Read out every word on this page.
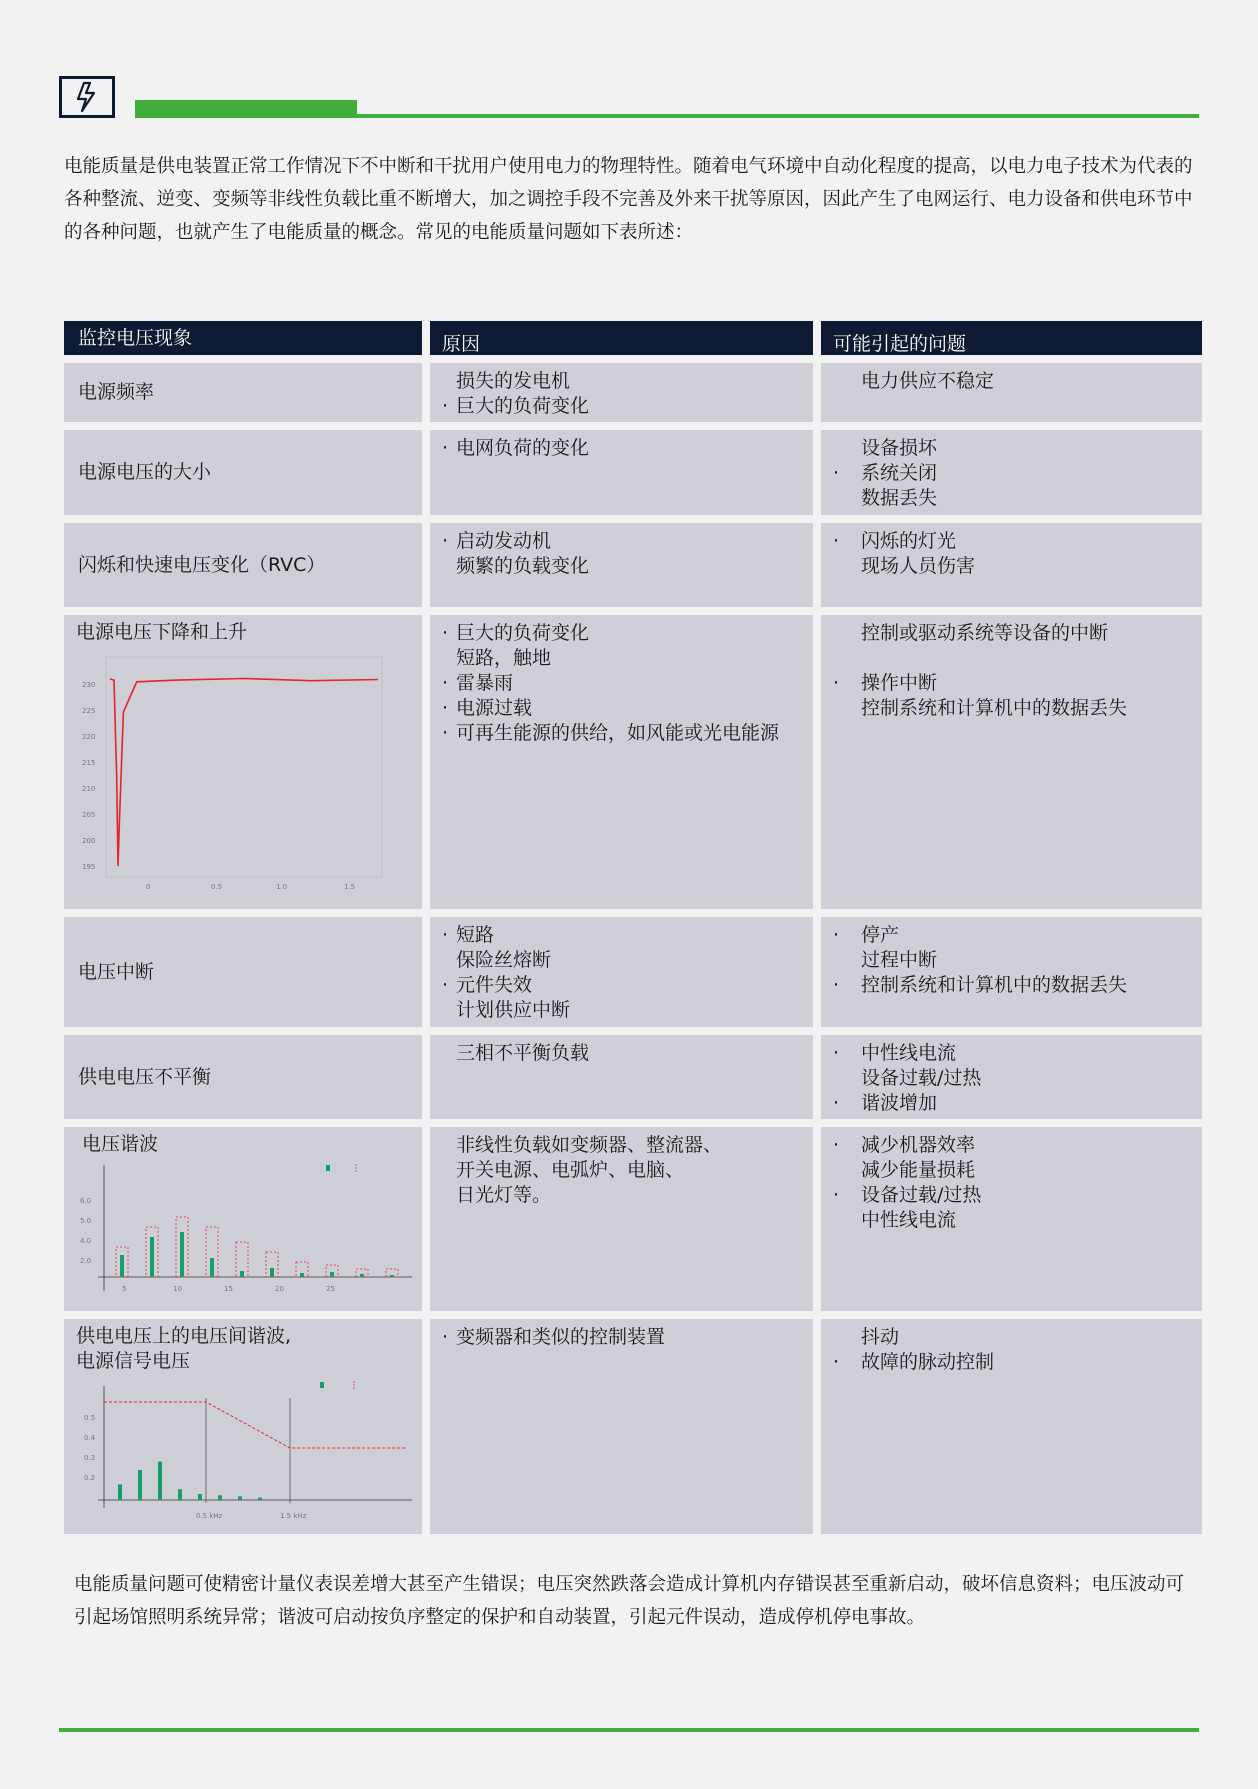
电能质量是供电装置正常工作情况下不中断和干扰用户使用电力的物理特性。随着电气环境中自动化程度的提高，以电力电子技术为代表的各种整流、逆变、变频等非线性负载比重不断增大，加之调控手段不完善及外来干扰等原因，因此产生了电网运行、电力设备和供电环节中的各种问题，也就产生了电能质量的概念。常见的电能质量问题如下表所述：

监控电压现象	原因	可能引起的问题
电源频率	损失的发电机
· 巨大的负荷变化
电力供应不稳定
电源电压的大小
· 电网负荷的变化	设备损坏
· 系统关闭
数据丢失
闪烁和快速电压变化（RVC）
· 启动发动机
频繁的负载变化
· 闪烁的灯光
现场人员伤害
电源电压下降和上升
230
225
220
215
210
205
200
195
0	0.5	1.0	1.5
· 巨大的负荷变化
短路，触地
· 雷暴雨
· 电源过载
· 可再生能源的供给，如风能或光电能源
控制或驱动系统等设备的中断

· 操作中断
控制系统和计算机中的数据丢失
电压中断
· 短路
保险丝熔断
· 元件失效
计划供应中断
· 停产
过程中断
· 控制系统和计算机中的数据丢失
供电电压不平衡
三相不平衡负载
·	中性线电流
设备过载/过热
· 谐波增加
电压谐波
6.0
5.0
4.0
2.0
5	10	15	20	25
非线性负载如变频器、整流器、
开关电源、电弧炉、电脑、
日光灯等。
· 减少机器效率
减少能量损耗
· 设备过载/过热
中性线电流
供电电压上的电压间谐波,
电源信号电压
0.5
0.4
0.3
0.2
0.5 kHz	1.5 kHz
· 变频器和类似的控制装置	抖动
· 故障的脉动控制

电能质量问题可使精密计量仪表误差增大甚至产生错误；电压突然跌落会造成计算机内存错误甚至重新启动，破坏信息资料；电压波动可引起场馆照明系统异常；谐波可启动按负序整定的保护和自动装置，引起元件误动，造成停机停电事故。
